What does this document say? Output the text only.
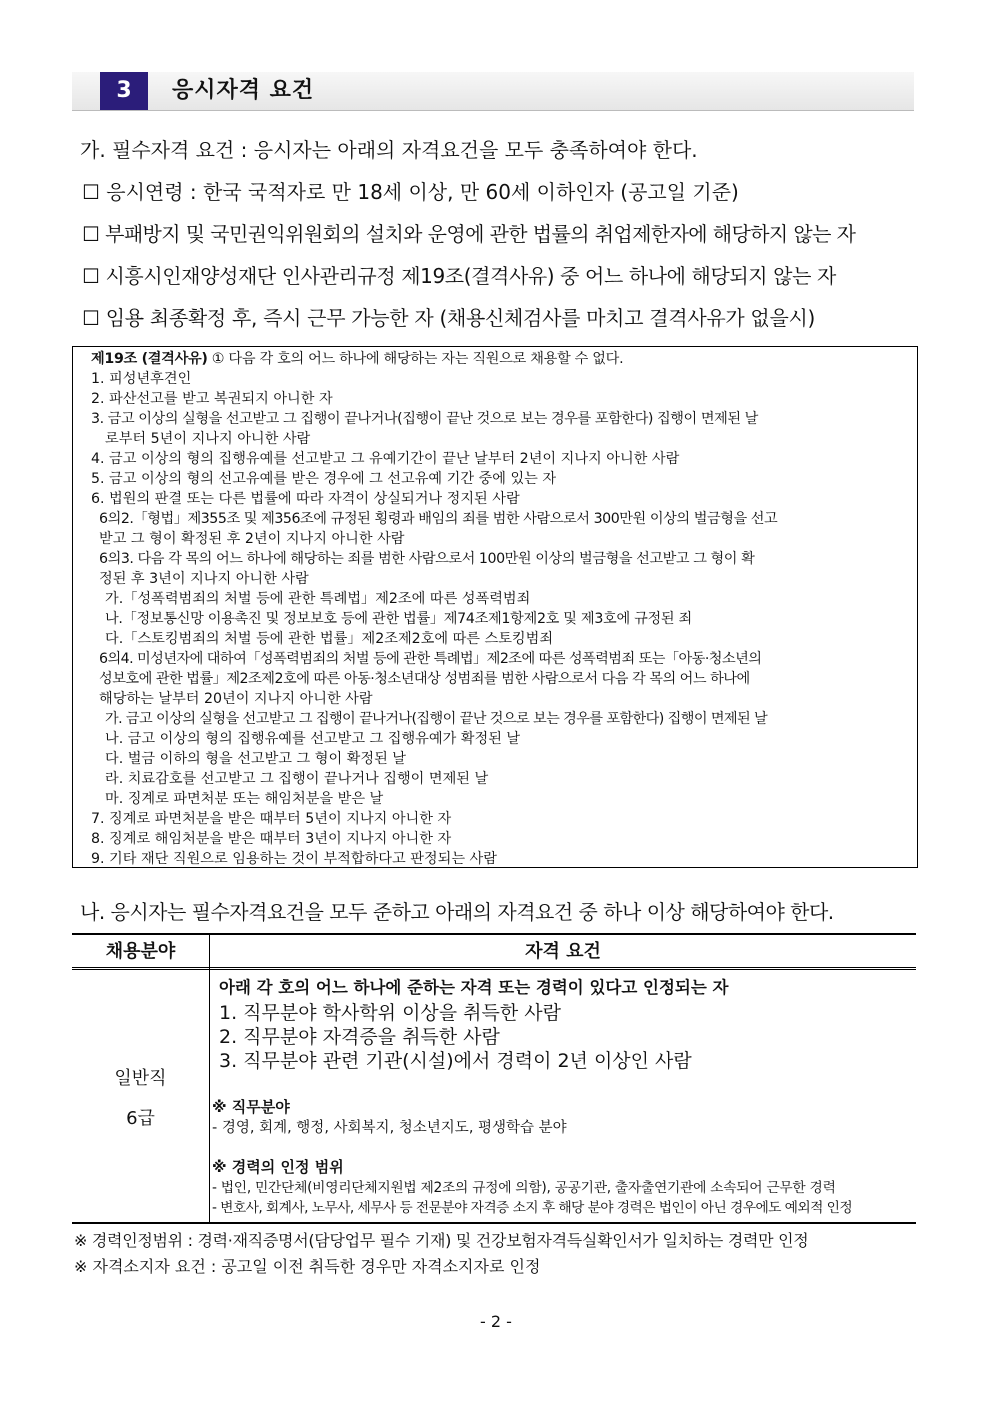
3	응시자격 요건
가. 필수자격 요건 : 응시자는 아래의 자격요건을 모두 충족하여야 한다.
☐ 응시연령 : 한국 국적자로 만 18세 이상, 만 60세 이하인자 (공고일 기준)
☐ 부패방지 및 국민권익위원회의 설치와 운영에 관한 법률의 취업제한자에 해당하지 않는 자
☐ 시흥시인재양성재단 인사관리규정 제19조(결격사유) 중 어느 하나에 해당되지 않는 자
☐ 임용 최종확정 후, 즉시 근무 가능한 자 (채용신체검사를 마치고 결격사유가 없을시)
제19조 (결격사유) ① 다음 각 호의 어느 하나에 해당하는 자는 직원으로 채용할 수 없다.
1. 피성년후견인
2. 파산선고를 받고 복권되지 아니한 자
3. 금고 이상의 실형을 선고받고 그 집행이 끝나거나(집행이 끝난 것으로 보는 경우를 포함한다) 집행이 면제된 날
로부터 5년이 지나지 아니한 사람
4. 금고 이상의 형의 집행유예를 선고받고 그 유예기간이 끝난 날부터 2년이 지나지 아니한 사람
5. 금고 이상의 형의 선고유예를 받은 경우에 그 선고유예 기간 중에 있는 자
6. 법원의 판결 또는 다른 법률에 따라 자격이 상실되거나 정지된 사람
6의2.「형법」제355조 및 제356조에 규정된 횡령과 배임의 죄를 범한 사람으로서 300만원 이상의 벌금형을 선고
받고 그 형이 확정된 후 2년이 지나지 아니한 사람
6의3. 다음 각 목의 어느 하나에 해당하는 죄를 범한 사람으로서 100만원 이상의 벌금형을 선고받고 그 형이 확
정된 후 3년이 지나지 아니한 사람
가.「성폭력범죄의 처벌 등에 관한 특례법」제2조에 따른 성폭력범죄
나.「정보통신망 이용촉진 및 정보보호 등에 관한 법률」제74조제1항제2호 및 제3호에 규정된 죄
다.「스토킹범죄의 처벌 등에 관한 법률」제2조제2호에 따른 스토킹범죄
6의4. 미성년자에 대하여「성폭력범죄의 처벌 등에 관한 특례법」제2조에 따른 성폭력범죄 또는「아동·청소년의
성보호에 관한 법률」제2조제2호에 따른 아동·청소년대상 성범죄를 범한 사람으로서 다음 각 목의 어느 하나에
해당하는 날부터 20년이 지나지 아니한 사람
가. 금고 이상의 실형을 선고받고 그 집행이 끝나거나(집행이 끝난 것으로 보는 경우를 포함한다) 집행이 면제된 날
나. 금고 이상의 형의 집행유예를 선고받고 그 집행유예가 확정된 날
다. 벌금 이하의 형을 선고받고 그 형이 확정된 날
라. 치료감호를 선고받고 그 집행이 끝나거나 집행이 면제된 날
마. 징계로 파면처분 또는 해임처분을 받은 날
7. 징계로 파면처분을 받은 때부터 5년이 지나지 아니한 자
8. 징계로 해임처분을 받은 때부터 3년이 지나지 아니한 자
9. 기타 재단 직원으로 임용하는 것이 부적합하다고 판정되는 사람
나. 응시자는 필수자격요건을 모두 준하고 아래의 자격요건 중 하나 이상 해당하여야 한다.
채용분야	자격 요건
일반직
6급
아래 각 호의 어느 하나에 준하는 자격 또는 경력이 있다고 인정되는 자
1. 직무분야 학사학위 이상을 취득한 사람
2. 직무분야 자격증을 취득한 사람
3. 직무분야 관련 기관(시설)에서 경력이 2년 이상인 사람
※ 직무분야
- 경영, 회계, 행정, 사회복지, 청소년지도, 평생학습 분야
※ 경력의 인정 범위
- 법인, 민간단체(비영리단체지원법 제2조의 규정에 의함), 공공기관, 출자출연기관에 소속되어 근무한 경력
- 변호사, 회계사, 노무사, 세무사 등 전문분야 자격증 소지 후 해당 분야 경력은 법인이 아닌 경우에도 예외적 인정
※ 경력인정범위 : 경력·재직증명서(담당업무 필수 기재) 및 건강보험자격득실확인서가 일치하는 경력만 인정
※ 자격소지자 요건 : 공고일 이전 취득한 경우만 자격소지자로 인정
- 2 -
